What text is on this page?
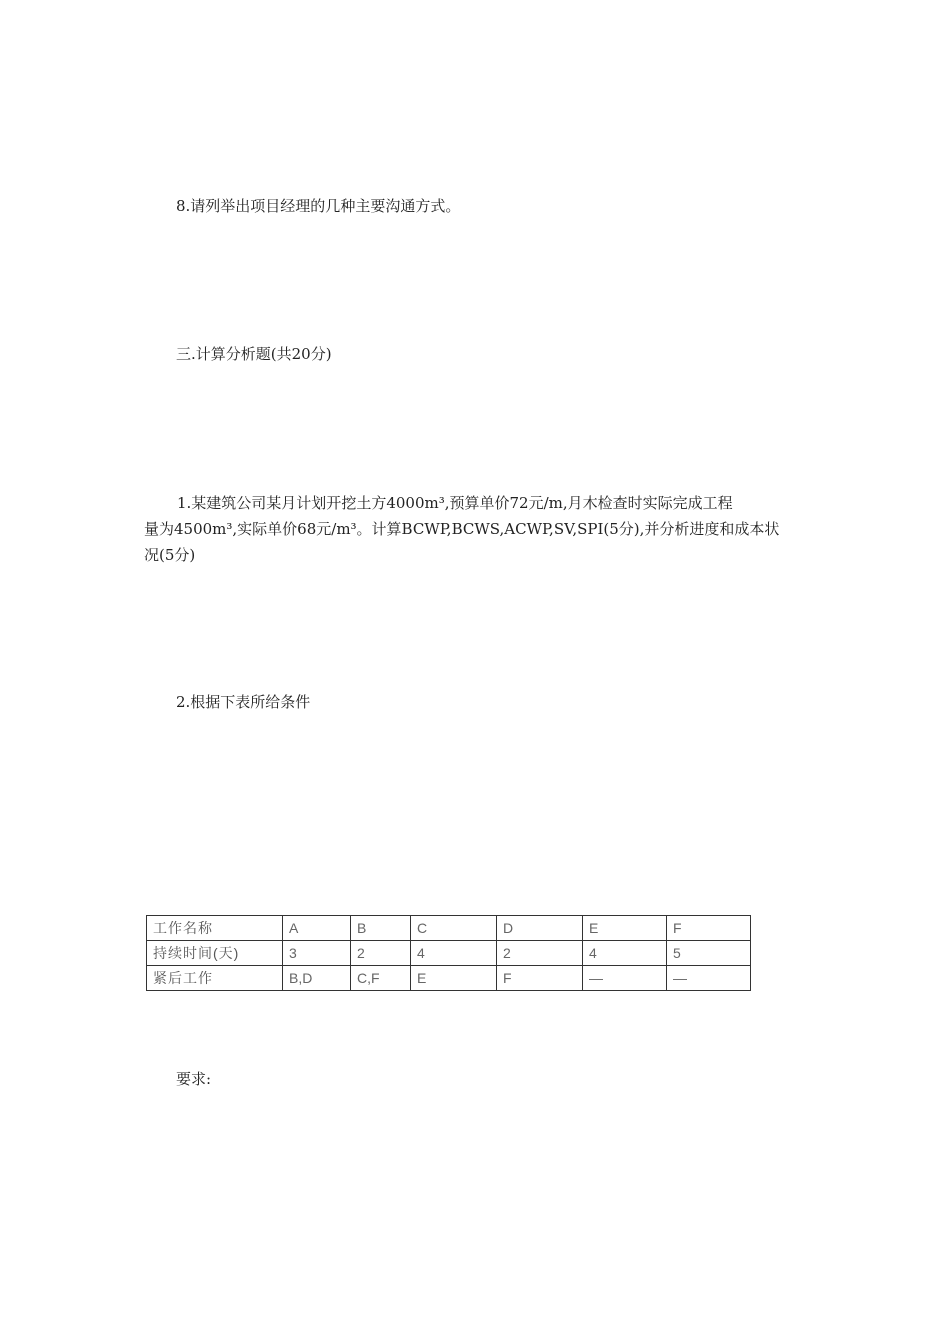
8.请列举出项目经理的几种主要沟通方式。

三.计算分析题(共20分)

1.某建筑公司某月计划开挖土方4000m³,预算单价72元/m,月木检查时实际完成工程
量为4500m³,实际单价68元/m³。计算BCWP,BCWS,ACWP,SV,SPI(5分),并分析进度和成本状
况(5分)

2.根据下表所给条件

工作名称	A	B	C	D	E	F
持续时间(天)	3	2	4	2	4	5
紧后工作	B,D	C,F	E	F	—	—

要求:
